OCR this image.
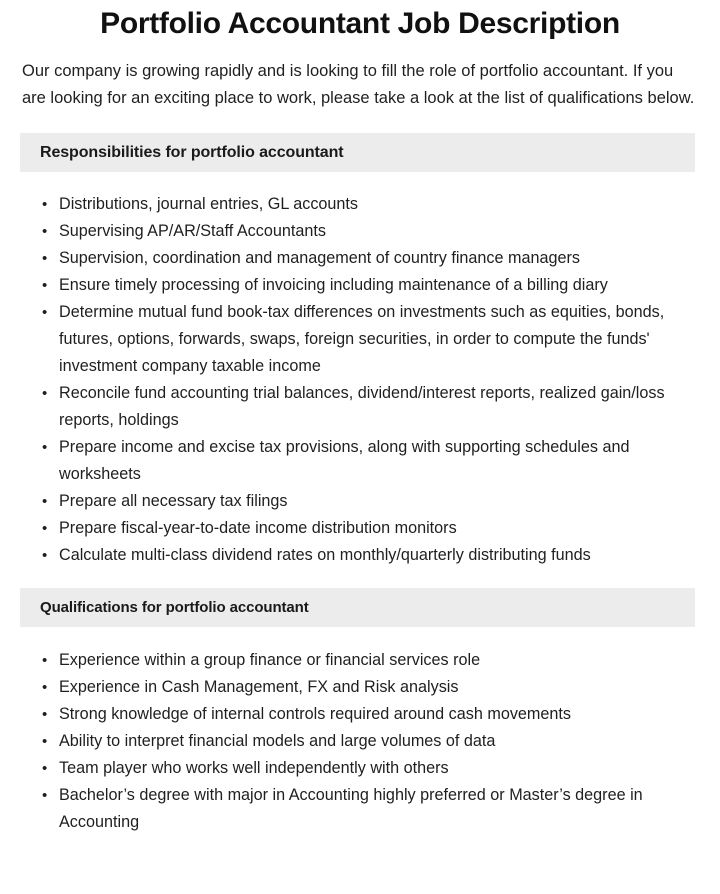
Portfolio Accountant Job Description

Our company is growing rapidly and is looking to fill the role of portfolio accountant. If you are looking for an exciting place to work, please take a look at the list of qualifications below.

Responsibilities for portfolio accountant
• Distributions, journal entries, GL accounts
• Supervising AP/AR/Staff Accountants
• Supervision, coordination and management of country finance managers
• Ensure timely processing of invoicing including maintenance of a billing diary
• Determine mutual fund book-tax differences on investments such as equities, bonds, futures, options, forwards, swaps, foreign securities, in order to compute the funds' investment company taxable income
• Reconcile fund accounting trial balances, dividend/interest reports, realized gain/loss reports, holdings
• Prepare income and excise tax provisions, along with supporting schedules and worksheets
• Prepare all necessary tax filings
• Prepare fiscal-year-to-date income distribution monitors
• Calculate multi-class dividend rates on monthly/quarterly distributing funds
Qualifications for portfolio accountant
• Experience within a group finance or financial services role
• Experience in Cash Management, FX and Risk analysis
• Strong knowledge of internal controls required around cash movements
• Ability to interpret financial models and large volumes of data
• Team player who works well independently with others
• Bachelor’s degree with major in Accounting highly preferred or Master’s degree in Accounting
